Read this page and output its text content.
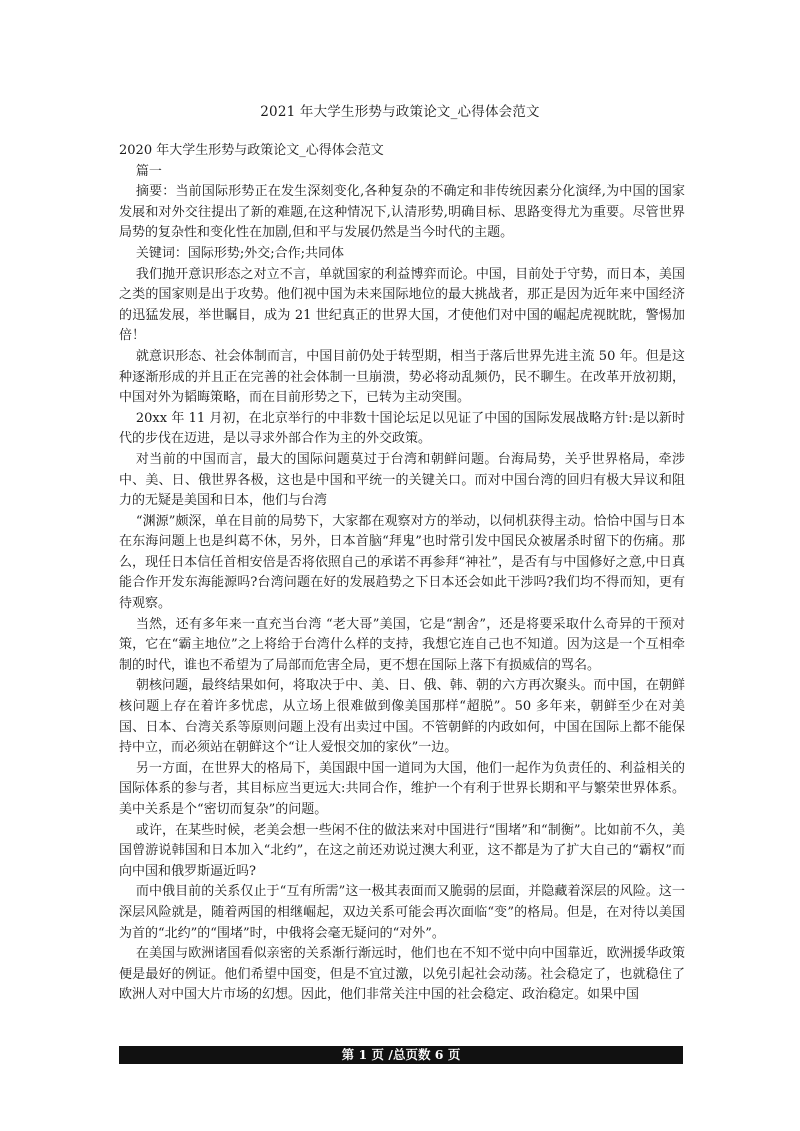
2021 年大学生形势与政策论文_心得体会范文

2020 年大学生形势与政策论文_心得体会范文

篇一

摘要：当前国际形势正在发生深刻变化,各种复杂的不确定和非传统因素分化演绎,为中国的国家发展和对外交往提出了新的难题,在这种情况下,认清形势,明确目标、思路变得尤为重要。尽管世界局势的复杂性和变化性在加剧,但和平与发展仍然是当今时代的主题。

关键词：国际形势;外交;合作;共同体

我们抛开意识形态之对立不言，单就国家的利益博弈而论。中国，目前处于守势，而日本，美国之类的国家则是出于攻势。他们视中国为未来国际地位的最大挑战者，那正是因为近年来中国经济的迅猛发展，举世瞩目，成为 21 世纪真正的世界大国，才使他们对中国的崛起虎视眈眈，警惕加倍！

就意识形态、社会体制而言，中国目前仍处于转型期，相当于落后世界先进主流 50 年。但是这种逐渐形成的并且正在完善的社会体制一旦崩溃，势必将动乱频仍，民不聊生。在改革开放初期，中国对外为韬晦策略，而在目前形势之下，已转为主动突围。

20xx 年 11 月初，在北京举行的中非数十国论坛足以见证了中国的国际发展战略方针:是以新时代的步伐在迈进，是以寻求外部合作为主的外交政策。

对当前的中国而言，最大的国际问题莫过于台湾和朝鲜问题。台海局势，关乎世界格局，牵涉中、美、日、俄世界各极，这也是中国和平统一的关键关口。而对中国台湾的回归有极大异议和阻力的无疑是美国和日本，他们与台湾

“渊源”颇深，单在目前的局势下，大家都在观察对方的举动，以伺机获得主动。恰恰中国与日本在东海问题上也是纠葛不休，另外，日本首脑“拜鬼”也时常引发中国民众被屠杀时留下的伤痛。那么，现任日本信任首相安倍是否将依照自己的承诺不再参拜“神社”，是否有与中国修好之意,中日真能合作开发东海能源吗?台湾问题在好的发展趋势之下日本还会如此干涉吗?我们均不得而知，更有待观察。

当然，还有多年来一直充当台湾 “老大哥”美国，它是“割舍”，还是将要采取什么奇异的干预对策，它在“霸主地位”之上将给于台湾什么样的支持，我想它连自己也不知道。因为这是一个互相牵制的时代，谁也不希望为了局部而危害全局，更不想在国际上落下有损威信的骂名。

朝核问题，最终结果如何，将取决于中、美、日、俄、韩、朝的六方再次聚头。而中国，在朝鲜核问题上存在着许多忧虑，从立场上很难做到像美国那样“超脱”。50 多年来，朝鲜至少在对美国、日本、台湾关系等原则问题上没有出卖过中国。不管朝鲜的内政如何，中国在国际上都不能保持中立，而必须站在朝鲜这个“让人爱恨交加的家伙”一边。

另一方面，在世界大的格局下，美国跟中国一道同为大国，他们一起作为负责任的、利益相关的国际体系的参与者，其目标应当更远大:共同合作，维护一个有利于世界长期和平与繁荣世界体系。美中关系是个“密切而复杂”的问题。

或许，在某些时候，老美会想一些闲不住的做法来对中国进行“围堵”和“制衡”。比如前不久，美国曾游说韩国和日本加入“北约”，在这之前还劝说过澳大利亚，这不都是为了扩大自己的“霸权”而向中国和俄罗斯逼近吗?

而中俄目前的关系仅止于“互有所需”这一极其表面而又脆弱的层面，并隐藏着深层的风险。这一深层风险就是，随着两国的相继崛起，双边关系可能会再次面临“变”的格局。但是，在对待以美国为首的“北约”的“围堵”时，中俄将会毫无疑问的“对外”。

在美国与欧洲诸国看似亲密的关系渐行渐远时，他们也在不知不觉中向中国靠近，欧洲援华政策便是最好的例证。他们希望中国变，但是不宜过激，以免引起社会动荡。社会稳定了，也就稳住了欧洲人对中国大片市场的幻想。因此，他们非常关注中国的社会稳定、政治稳定。如果中国

第 1 页 /总页数 6 页
